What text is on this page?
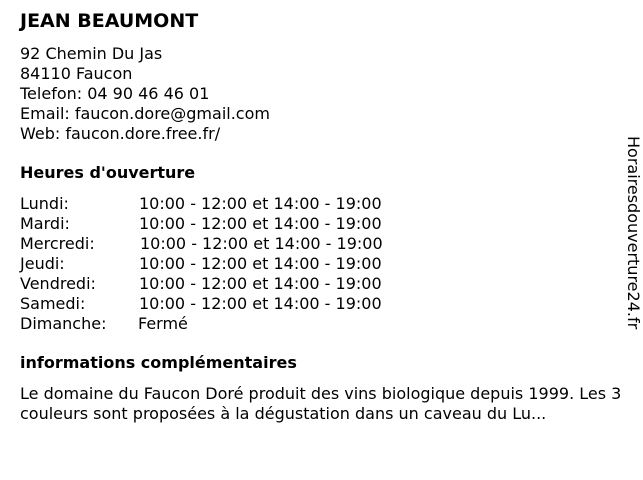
JEAN BEAUMONT
92 Chemin Du Jas
84110 Faucon
Telefon: 04 90 46 46 01
Email: faucon.dore@gmail.com
Web: faucon.dore.free.fr/
Heures d'ouverture
Lundi:	10:00 - 12:00 et 14:00 - 19:00
Mardi:	10:00 - 12:00 et 14:00 - 19:00
Mercredi:	10:00 - 12:00 et 14:00 - 19:00
Jeudi:	10:00 - 12:00 et 14:00 - 19:00
Vendredi:	10:00 - 12:00 et 14:00 - 19:00
Samedi:	10:00 - 12:00 et 14:00 - 19:00
Dimanche: Fermé
informations complémentaires
Le domaine du Faucon Doré produit des vins biologique depuis 1999. Les 3 couleurs sont proposées à la dégustation dans un caveau du Lu...
Horairesdouverture24.fr
